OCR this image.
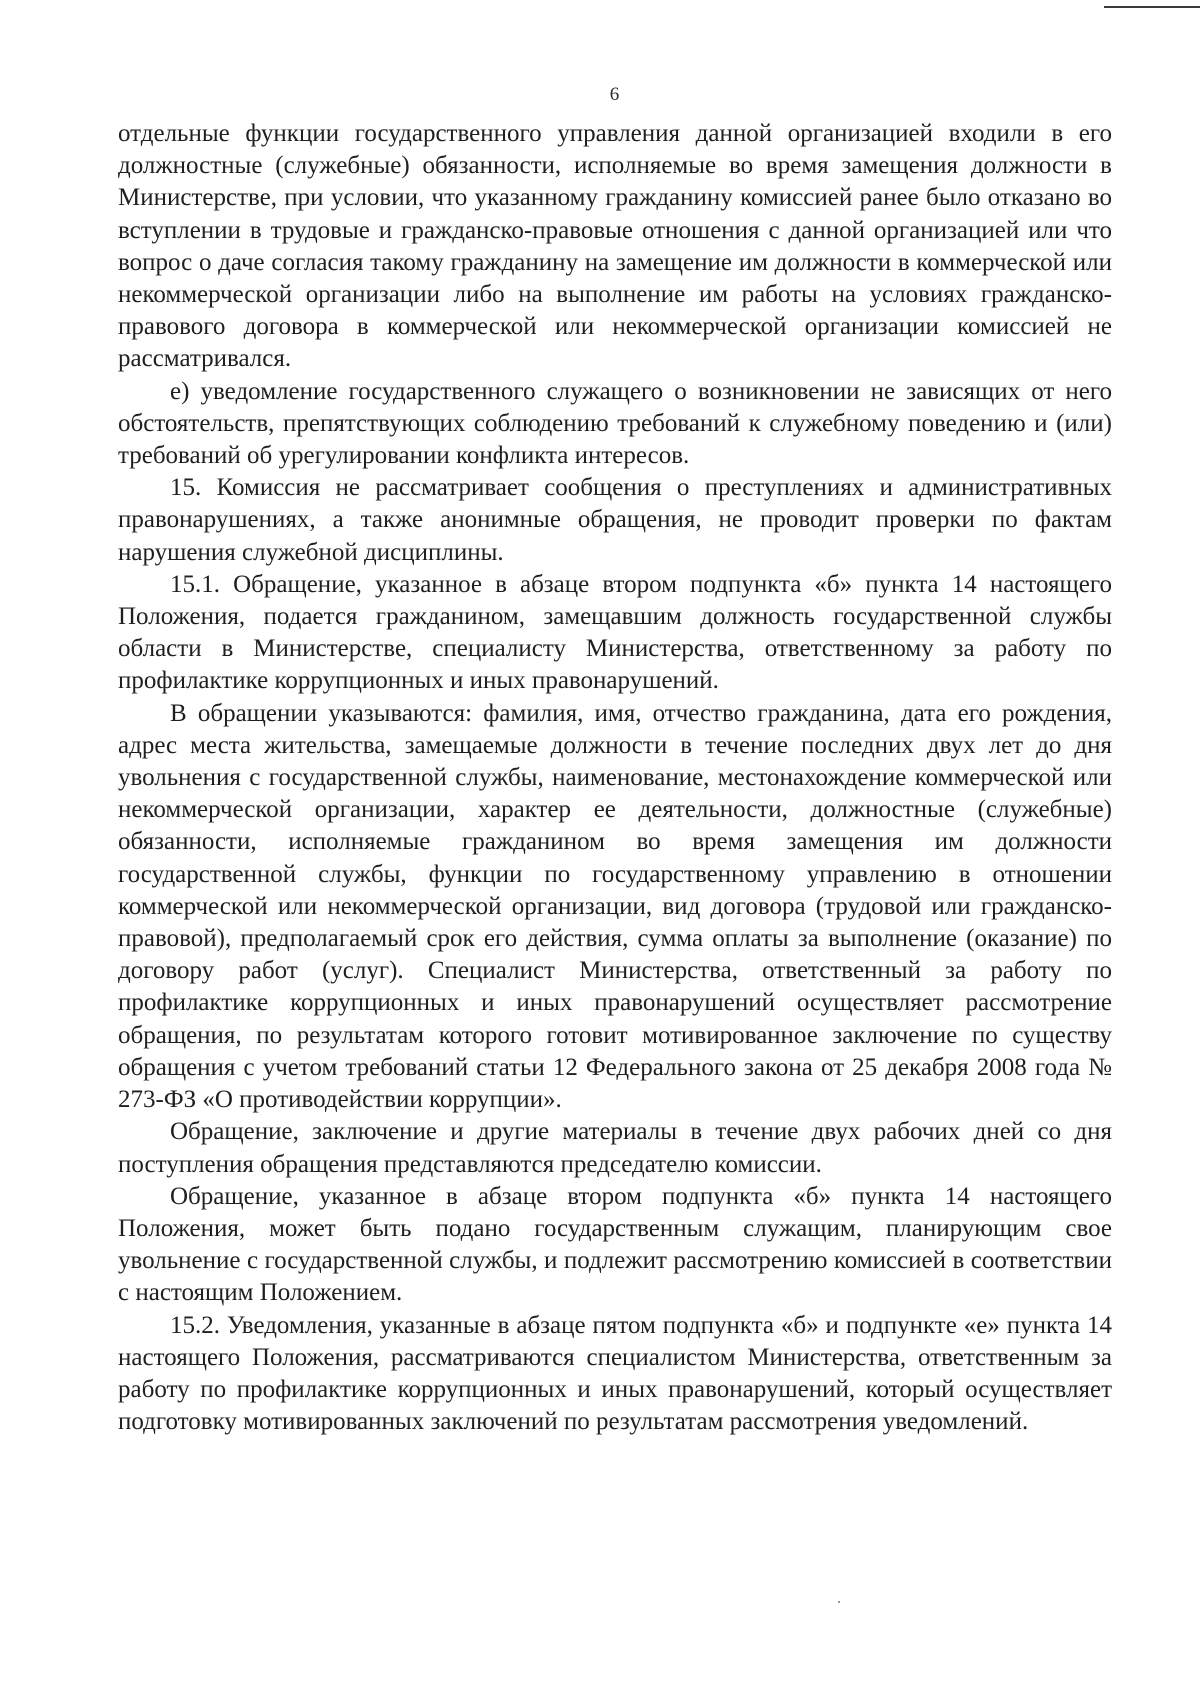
6

отдельные функции государственного управления данной организацией входили в его должностные (служебные) обязанности, исполняемые во время замещения должности в Министерстве, при условии, что указанному гражданину комиссией ранее было отказано во вступлении в трудовые и гражданско-правовые отношения с данной организацией или что вопрос о даче согласия такому гражданину на замещение им должности в коммерческой или некоммерческой организации либо на выполнение им работы на условиях гражданско-правового договора в коммерческой или некоммерческой организации комиссией не рассматривался.

е) уведомление государственного служащего о возникновении не зависящих от него обстоятельств, препятствующих соблюдению требований к служебному поведению и (или) требований об урегулировании конфликта интересов.

15. Комиссия не рассматривает сообщения о преступлениях и административных правонарушениях, а также анонимные обращения, не проводит проверки по фактам нарушения служебной дисциплины.

15.1. Обращение, указанное в абзаце втором подпункта «б» пункта 14 настоящего Положения, подается гражданином, замещавшим должность государственной службы области в Министерстве, специалисту Министерства, ответственному за работу по профилактике коррупционных и иных правонарушений.

В обращении указываются: фамилия, имя, отчество гражданина, дата его рождения, адрес места жительства, замещаемые должности в течение последних двух лет до дня увольнения с государственной службы, наименование, местонахождение коммерческой или некоммерческой организации, характер ее деятельности, должностные (служебные) обязанности, исполняемые гражданином во время замещения им должности государственной службы, функции по государственному управлению в отношении коммерческой или некоммерческой организации, вид договора (трудовой или гражданско-правовой), предполагаемый срок его действия, сумма оплаты за выполнение (оказание) по договору работ (услуг). Специалист Министерства, ответственный за работу по профилактике коррупционных и иных правонарушений осуществляет рассмотрение обращения, по результатам которого готовит мотивированное заключение по существу обращения с учетом требований статьи 12 Федерального закона от 25 декабря 2008 года № 273-ФЗ «О противодействии коррупции».

Обращение, заключение и другие материалы в течение двух рабочих дней со дня поступления обращения представляются председателю комиссии.

Обращение, указанное в абзаце втором подпункта «б» пункта 14 настоящего Положения, может быть подано государственным служащим, планирующим свое увольнение с государственной службы, и подлежит рассмотрению комиссией в соответствии с настоящим Положением.

15.2. Уведомления, указанные в абзаце пятом подпункта «б» и подпункте «е» пункта 14 настоящего Положения, рассматриваются специалистом Министерства, ответственным за работу по профилактике коррупционных и иных правонарушений, который осуществляет подготовку мотивированных заключений по результатам рассмотрения уведомлений.
